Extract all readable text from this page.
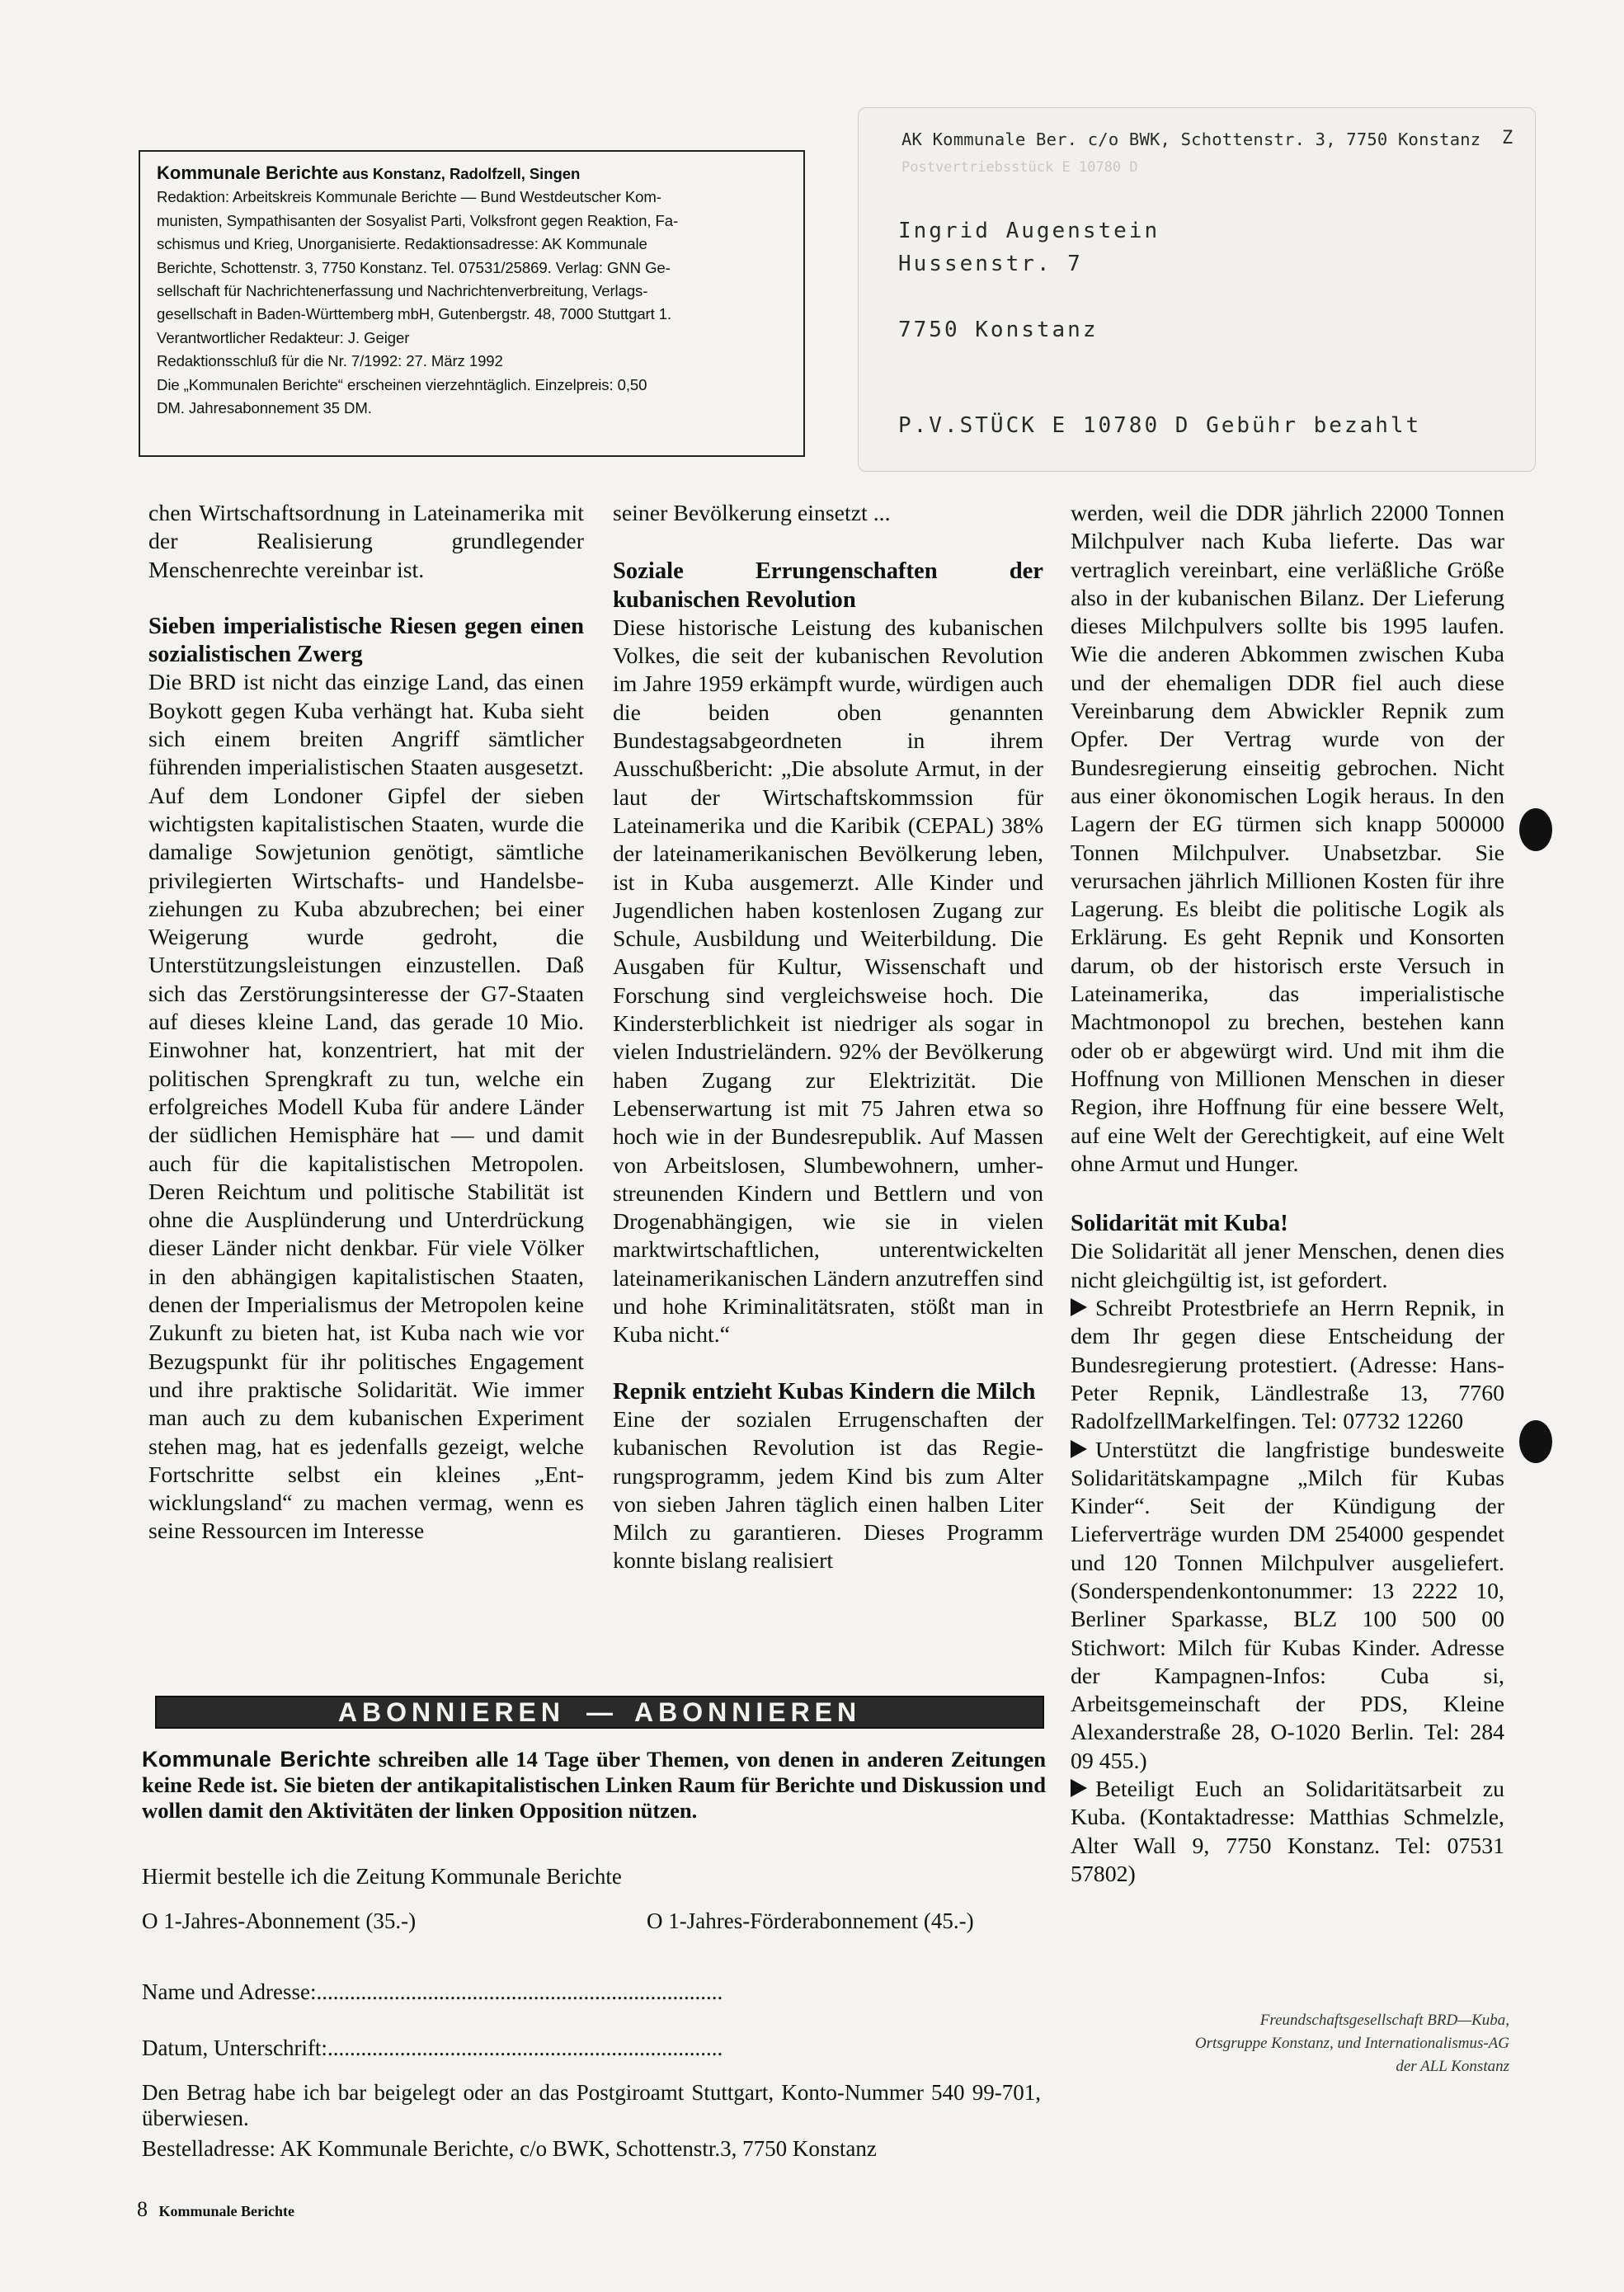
Kommunale Berichte aus Konstanz, Radolfzell, Singen
Redaktion: Arbeitskreis Kommunale Berichte — Bund Westdeutscher Kom-
munisten, Sympathisanten der Sosyalist Parti, Volksfront gegen Reaktion, Fa-
schismus und Krieg, Unorganisierte. Redaktionsadresse: AK Kommunale
Berichte, Schottenstr. 3, 7750 Konstanz. Tel. 07531/25869. Verlag: GNN Ge-
sellschaft für Nachrichtenerfassung und Nachrichtenverbreitung, Verlags-
gesellschaft in Baden-Württemberg mbH, Gutenbergstr. 48, 7000 Stuttgart 1.
Verantwortlicher Redakteur: J. Geiger
Redaktionsschluß für die Nr. 7/1992: 27. März 1992
Die „Kommunalen Berichte“ erscheinen vierzehntäglich. Einzelpreis: 0,50
DM. Jahresabonnement 35 DM.
AK Kommunale Ber. c/o BWK, Schottenstr. 3, 7750 Konstanz Z
Postvertriebsstück E 10780 D
Ingrid Augenstein
Hussenstr. 7
7750 Konstanz
P.V.STÜCK E 10780 D Gebühr bezahlt

chen Wirtschaftsordnung in Lateinamerika mit der Realisierung grundlegender Menschenrechte vereinbar ist.

Sieben imperialistische Riesen gegen einen sozialistischen Zwerg

Die BRD ist nicht das einzige Land, das einen Boykott gegen Kuba verhängt hat. Kuba sieht sich einem breiten Angriff sämtlicher führenden imperialistischen Staaten ausgesetzt. Auf dem Londoner Gipfel der sieben wichtigsten kapitalistischen Staaten, wurde die damalige Sowjetunion genötigt, sämtliche privilegierten Wirtschafts- und Handelsbeziehungen zu Kuba abzubrechen; bei einer Weigerung wurde gedroht, die Unterstützungsleistungen einzustellen. Daß sich das Zerstörungsinteresse der G7-Staaten auf dieses kleine Land, das gerade 10 Mio. Einwohner hat, konzentriert, hat mit der politischen Sprengkraft zu tun, welche ein erfolgreiches Modell Kuba für andere Länder der südlichen Hemisphäre hat — und damit auch für die kapitalistischen Metropolen. Deren Reichtum und politische Stabilität ist ohne die Ausplünderung und Unterdrückung dieser Länder nicht denkbar. Für viele Völker in den abhängigen kapitalistischen Staaten, denen der Imperialismus der Metropolen keine Zukunft zu bieten hat, ist Kuba nach wie vor Bezugspunkt für ihr politisches Engagement und ihre praktische Solidarität. Wie immer man auch zu dem kubanischen Experiment stehen mag, hat es jedenfalls gezeigt, welche Fortschritte selbst ein kleines „Entwicklungsland“ zu machen vermag, wenn es seine Ressourcen im Interesse

seiner Bevölkerung einsetzt ...

Soziale Errungenschaften der kubanischen Revolution

Diese historische Leistung des kubanischen Volkes, die seit der kubanischen Revolution im Jahre 1959 erkämpft wurde, würdigen auch die beiden oben genannten Bundestagsabgeordneten in ihrem Ausschußbericht: „Die absolute Armut, in der laut der Wirtschaftskommssion für Lateinamerika und die Karibik (CEPAL) 38% der lateinamerikanischen Bevölkerung leben, ist in Kuba ausgemerzt. Alle Kinder und Jugendlichen haben kostenlosen Zugang zur Schule, Ausbildung und Weiterbildung. Die Ausgaben für Kultur, Wissenschaft und Forschung sind vergleichsweise hoch. Die Kindersterblichkeit ist niedriger als sogar in vielen Industrieländern. 92% der Bevölkerung haben Zugang zur Elektrizität. Die Lebenserwartung ist mit 75 Jahren etwa so hoch wie in der Bundesrepublik. Auf Massen von Arbeitslosen, Slumbewohnern, umherstreunenden Kindern und Bettlern und von Drogenabhängigen, wie sie in vielen marktwirtschaftlichen, unterentwickelten lateinamerikanischen Ländern anzutreffen sind und hohe Kriminalitätsraten, stößt man in Kuba nicht.“

Repnik entzieht Kubas Kindern die Milch

Eine der sozialen Errugenschaften der kubanischen Revolution ist das Regierungsprogramm, jedem Kind bis zum Alter von sieben Jahren täglich einen halben Liter Milch zu garantieren. Dieses Programm konnte bislang realisiert

werden, weil die DDR jährlich 22000 Tonnen Milchpulver nach Kuba lieferte. Das war vertraglich vereinbart, eine verläßliche Größe also in der kubanischen Bilanz. Der Lieferung dieses Milchpulvers sollte bis 1995 laufen. Wie die anderen Abkommen zwischen Kuba und der ehemaligen DDR fiel auch diese Vereinbarung dem Abwickler Repnik zum Opfer. Der Vertrag wurde von der Bundesregierung einseitig gebrochen. Nicht aus einer ökonomischen Logik heraus. In den Lagern der EG türmen sich knapp 500000 Tonnen Milchpulver. Unabsetzbar. Sie verursachen jährlich Millionen Kosten für ihre Lagerung. Es bleibt die politische Logik als Erklärung. Es geht Repnik und Konsorten darum, ob der historisch erste Versuch in Lateinamerika, das imperialistische Machtmonopol zu brechen, bestehen kann oder ob er abgewürgt wird. Und mit ihm die Hoffnung von Millionen Menschen in dieser Region, ihre Hoffnung für eine bessere Welt, auf eine Welt der Gerechtigkeit, auf eine Welt ohne Armut und Hunger.

Solidarität mit Kuba!

Die Solidarität all jener Menschen, denen dies nicht gleichgültig ist, ist gefordert.

Schreibt Protestbriefe an Herrn Repnik, in dem Ihr gegen diese Entscheidung der Bundesregierung protestiert. (Adresse: Hans-Peter Repnik, Ländlestraße 13, 7760 RadolfzellMarkelfingen. Tel: 07732 12260

Unterstützt die langfristige bundesweite Solidaritätskampagne „Milch für Kubas Kinder“. Seit der Kündigung der Lieferverträge wurden DM 254000 gespendet und 120 Tonnen Milchpulver ausgeliefert. (Sonderspendenkontonummer: 13 2222 10, Berliner Sparkasse, BLZ 100 500 00 Stichwort: Milch für Kubas Kinder. Adresse der Kampagnen-Infos: Cuba si, Arbeitsgemeinschaft der PDS, Kleine Alexanderstraße 28, O-1020 Berlin. Tel: 284 09 455.)

Beteiligt Euch an Solidaritätsarbeit zu Kuba. (Kontaktadresse: Matthias Schmelzle, Alter Wall 9, 7750 Konstanz. Tel: 07531 57802)

Freundschaftsgesellschaft BRD—Kuba,
Ortsgruppe Konstanz, und Internationalismus-AG
der ALL Konstanz
ABONNIEREN — ABONNIEREN
Kommunale Berichte schreiben alle 14 Tage über Themen, von denen in anderen Zeitungen keine Rede ist. Sie bieten der antikapitalistischen Linken Raum für Berichte und Diskussion und wollen damit den Aktivitäten der linken Opposition nützen.
Hiermit bestelle ich die Zeitung Kommunale Berichte
O 1-Jahres-Abonnement (35.-)	O 1-Jahres-Förderabonnement (45.-)
Name und Adresse:.........................................................................
Datum, Unterschrift:.......................................................................
Den Betrag habe ich bar beigelegt oder an das Postgiroamt Stuttgart, Konto-Nummer 540 99-701, überwiesen.
Bestelladresse: AK Kommunale Berichte, c/o BWK, Schottenstr.3, 7750 Konstanz
8 Kommunale Berichte
